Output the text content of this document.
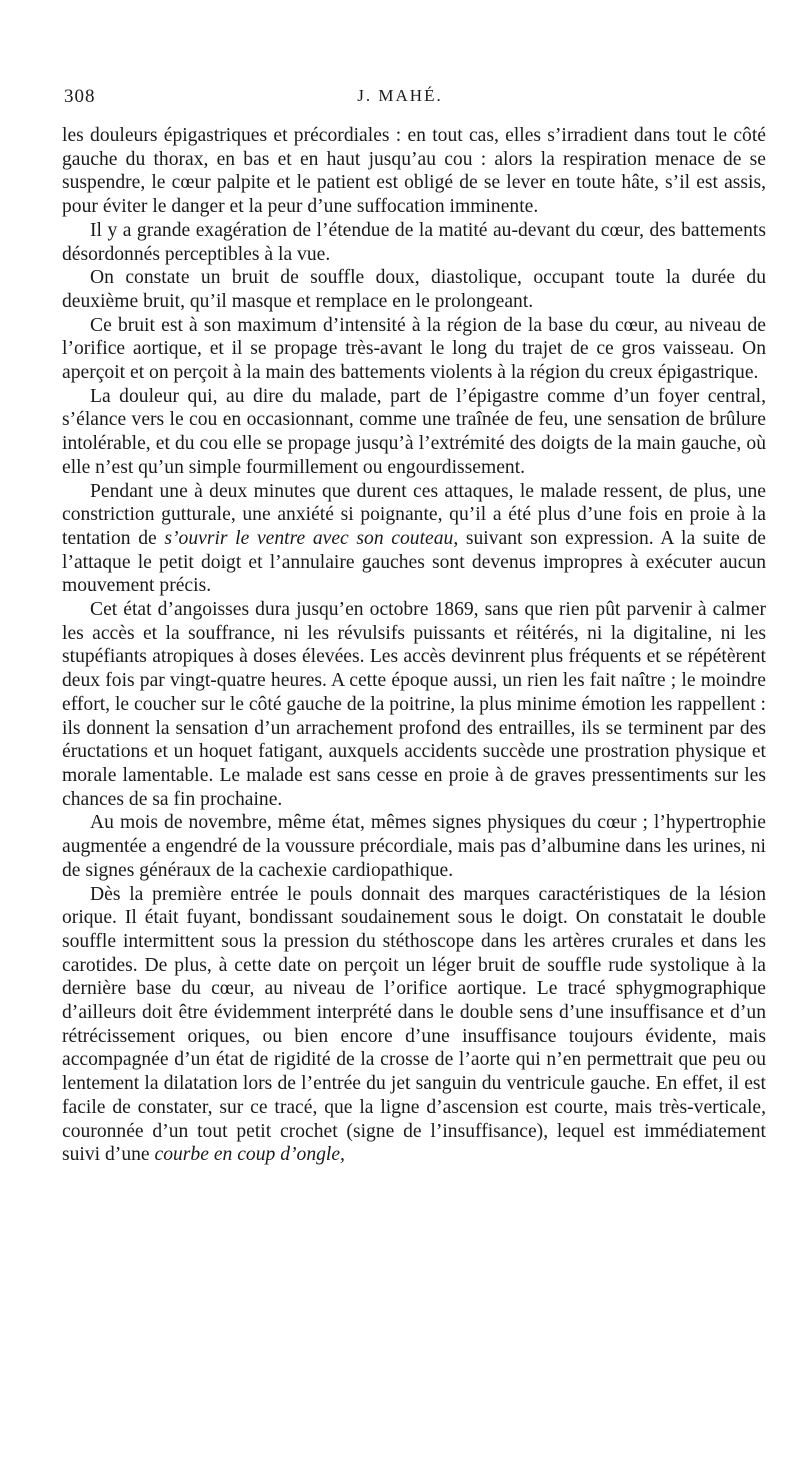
308	J. MAHÉ.

les douleurs épigastriques et précordiales : en tout cas, elles s’irradient dans tout le côté gauche du thorax, en bas et en haut jusqu’au cou : alors la respiration menace de se suspendre, le cœur palpite et le patient est obligé de se lever en toute hâte, s’il est assis, pour éviter le danger et la peur d’une suffocation imminente.

Il y a grande exagération de l’étendue de la matité au-devant du cœur, des battements désordonnés perceptibles à la vue.

On constate un bruit de souffle doux, diastolique, occupant toute la durée du deuxième bruit, qu’il masque et remplace en le prolongeant.

Ce bruit est à son maximum d’intensité à la région de la base du cœur, au niveau de l’orifice aortique, et il se propage très-avant le long du trajet de ce gros vaisseau. On aperçoit et on perçoit à la main des battements violents à la région du creux épigastrique.

La douleur qui, au dire du malade, part de l’épigastre comme d’un foyer central, s’élance vers le cou en occasionnant, comme une traînée de feu, une sensation de brûlure intolérable, et du cou elle se propage jusqu’à l’extrémité des doigts de la main gauche, où elle n’est qu’un simple fourmillement ou engourdissement.

Pendant une à deux minutes que durent ces attaques, le malade ressent, de plus, une constriction gutturale, une anxiété si poignante, qu’il a été plus d’une fois en proie à la tentation de s’ouvrir le ventre avec son couteau, suivant son expression. A la suite de l’attaque le petit doigt et l’annulaire gauches sont devenus impropres à exécuter aucun mouvement précis.

Cet état d’angoisses dura jusqu’en octobre 1869, sans que rien pût parvenir à calmer les accès et la souffrance, ni les révulsifs puissants et réitérés, ni la digitaline, ni les stupéfiants atropiques à doses élevées. Les accès devinrent plus fréquents et se répétèrent deux fois par vingt-quatre heures. A cette époque aussi, un rien les fait naître ; le moindre effort, le coucher sur le côté gauche de la poitrine, la plus minime émotion les rappellent : ils donnent la sensation d’un arrachement profond des entrailles, ils se terminent par des éructations et un hoquet fatigant, auxquels accidents succède une prostration physique et morale lamentable. Le malade est sans cesse en proie à de graves pressentiments sur les chances de sa fin prochaine.

Au mois de novembre, même état, mêmes signes physiques du cœur ; l’hypertrophie augmentée a engendré de la voussure précordiale, mais pas d’albumine dans les urines, ni de signes généraux de la cachexie cardiopathique.

Dès la première entrée le pouls donnait des marques caractéristiques de la lésion orique. Il était fuyant, bondissant soudainement sous le doigt. On constatait le double souffle intermittent sous la pression du stéthoscope dans les artères crurales et dans les carotides. De plus, à cette date on perçoit un léger bruit de souffle rude systolique à la dernière base du cœur, au niveau de l’orifice aortique. Le tracé sphygmographique d’ailleurs doit être évidemment interprété dans le double sens d’une insuffisance et d’un rétrécissement oriques, ou bien encore d’une insuffisance toujours évidente, mais accompagnée d’un état de rigidité de la crosse de l’aorte qui n’en permettrait que peu ou lentement la dilatation lors de l’entrée du jet sanguin du ventricule gauche. En effet, il est facile de constater, sur ce tracé, que la ligne d’ascension est courte, mais très-verticale, couronnée d’un tout petit crochet (signe de l’insuffisance), lequel est immédiatement suivi d’une courbe en coup d’ongle,
